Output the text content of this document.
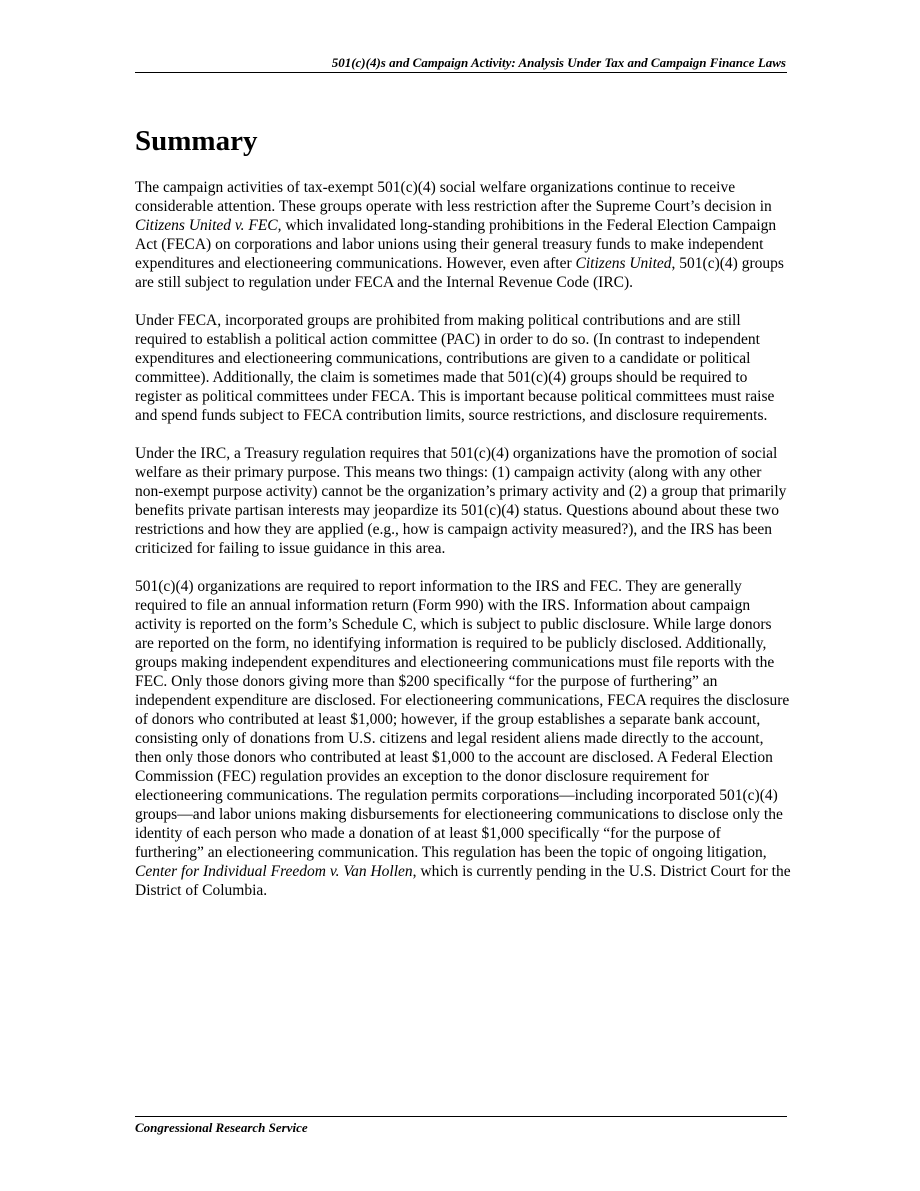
501(c)(4)s and Campaign Activity: Analysis Under Tax and Campaign Finance Laws
Summary

The campaign activities of tax-exempt 501(c)(4) social welfare organizations continue to receive considerable attention. These groups operate with less restriction after the Supreme Court’s decision in Citizens United v. FEC, which invalidated long-standing prohibitions in the Federal Election Campaign Act (FECA) on corporations and labor unions using their general treasury funds to make independent expenditures and electioneering communications. However, even after Citizens United, 501(c)(4) groups are still subject to regulation under FECA and the Internal Revenue Code (IRC).

Under FECA, incorporated groups are prohibited from making political contributions and are still required to establish a political action committee (PAC) in order to do so. (In contrast to independent expenditures and electioneering communications, contributions are given to a candidate or political committee). Additionally, the claim is sometimes made that 501(c)(4) groups should be required to register as political committees under FECA. This is important because political committees must raise and spend funds subject to FECA contribution limits, source restrictions, and disclosure requirements.

Under the IRC, a Treasury regulation requires that 501(c)(4) organizations have the promotion of social welfare as their primary purpose. This means two things: (1) campaign activity (along with any other non-exempt purpose activity) cannot be the organization’s primary activity and (2) a group that primarily benefits private partisan interests may jeopardize its 501(c)(4) status. Questions abound about these two restrictions and how they are applied (e.g., how is campaign activity measured?), and the IRS has been criticized for failing to issue guidance in this area.

501(c)(4) organizations are required to report information to the IRS and FEC. They are generally required to file an annual information return (Form 990) with the IRS. Information about campaign activity is reported on the form’s Schedule C, which is subject to public disclosure. While large donors are reported on the form, no identifying information is required to be publicly disclosed. Additionally, groups making independent expenditures and electioneering communications must file reports with the FEC. Only those donors giving more than $200 specifically “for the purpose of furthering” an independent expenditure are disclosed. For electioneering communications, FECA requires the disclosure of donors who contributed at least $1,000; however, if the group establishes a separate bank account, consisting only of donations from U.S. citizens and legal resident aliens made directly to the account, then only those donors who contributed at least $1,000 to the account are disclosed. A Federal Election Commission (FEC) regulation provides an exception to the donor disclosure requirement for electioneering communications. The regulation permits corporations—including incorporated 501(c)(4) groups—and labor unions making disbursements for electioneering communications to disclose only the identity of each person who made a donation of at least $1,000 specifically “for the purpose of furthering” an electioneering communication. This regulation has been the topic of ongoing litigation, Center for Individual Freedom v. Van Hollen, which is currently pending in the U.S. District Court for the District of Columbia.

Congressional Research Service
